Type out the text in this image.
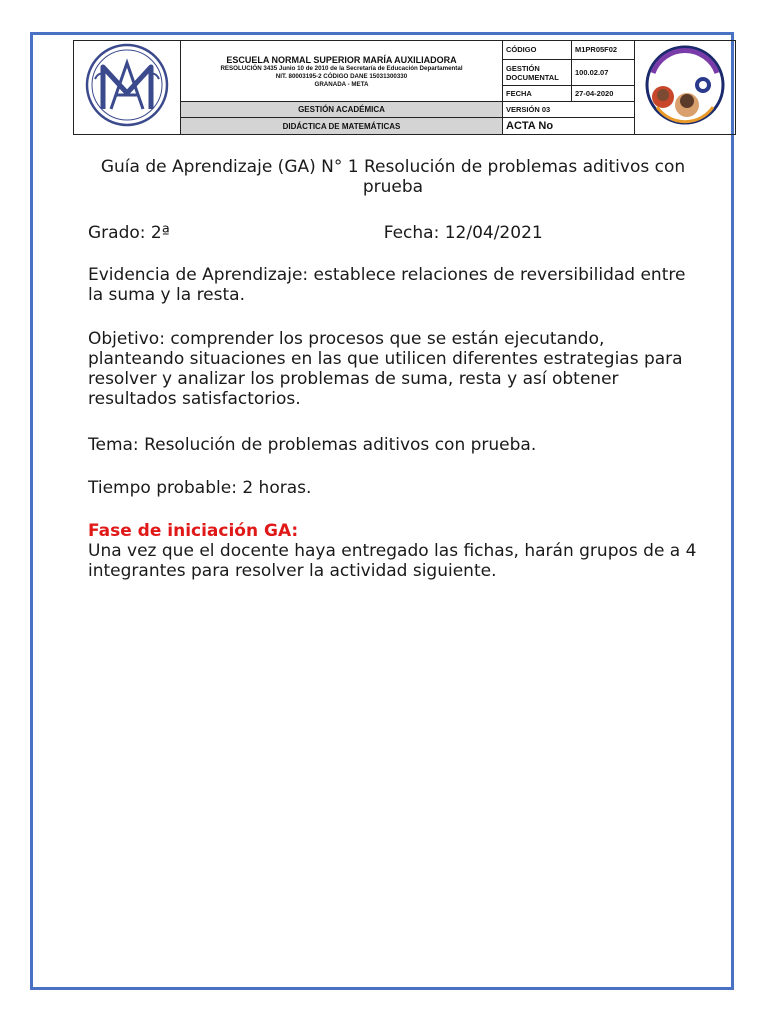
ESCUELA NORMAL SUPERIOR MARÍA AUXILIADORA
RESOLUCIÓN 3435 Junio 10 de 2010 de la Secretaría de Educación Departamental
NIT. 80003195-2 CÓDIGO DANE 15031300330
GRANADA - META	CÓDIGO	M1PR05F02	
		GESTIÓN DOCUMENTAL	100.02.07	
		FECHA	27-04-2020	
	GESTIÓN ACADÉMICA	VERSIÓN 03		
	DIDÁCTICA DE MATEMÁTICAS	ACTA No		

Guía de Aprendizaje (GA) N° 1 Resolución de problemas aditivos con prueba

Grado: 2ª	Fecha: 12/04/2021

Evidencia de Aprendizaje: establece relaciones de reversibilidad entre la suma y la resta.

Objetivo: comprender los procesos que se están ejecutando, planteando situaciones en las que utilicen diferentes estrategias para resolver y analizar los problemas de suma, resta y así obtener resultados satisfactorios.

Tema: Resolución de problemas aditivos con prueba.

Tiempo probable: 2 horas.

Fase de iniciación GA:
Una vez que el docente haya entregado las fichas, harán grupos de a 4 integrantes para resolver la actividad siguiente.
